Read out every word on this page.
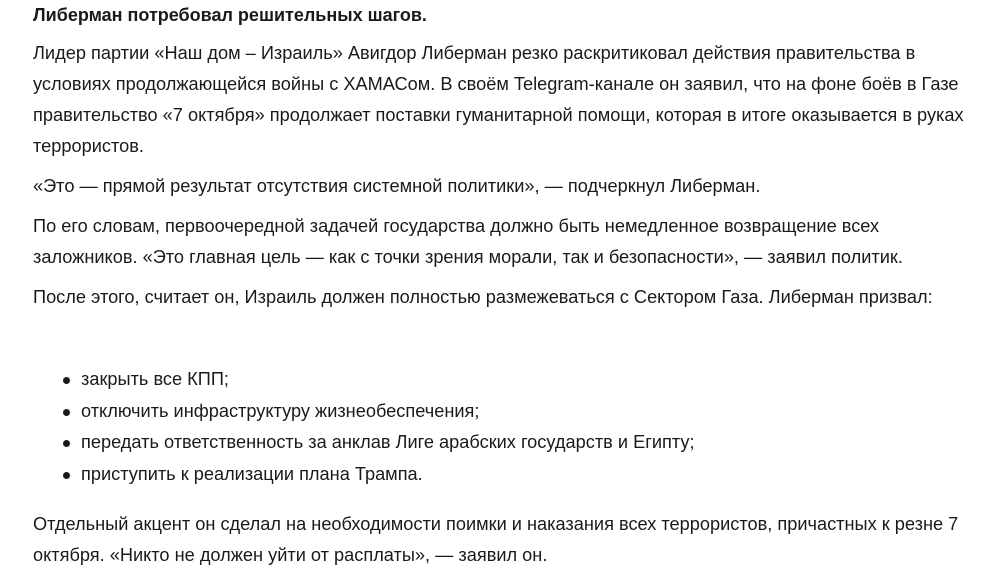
Либерман потребовал решительных шагов.

Лидер партии «Наш дом – Израиль» Авигдор Либерман резко раскритиковал действия правительства в условиях продолжающейся войны с ХАМАСом. В своём Telegram-канале он заявил, что на фоне боёв в Газе правительство «7 октября» продолжает поставки гуманитарной помощи, которая в итоге оказывается в руках террористов.

«Это — прямой результат отсутствия системной политики», — подчеркнул Либерман.

По его словам, первоочередной задачей государства должно быть немедленное возвращение всех заложников. «Это главная цель — как с точки зрения морали, так и безопасности», — заявил политик.

После этого, считает он, Израиль должен полностью размежеваться с Сектором Газа. Либерман призвал:

закрыть все КПП;
отключить инфраструктуру жизнеобеспечения;
передать ответственность за анклав Лиге арабских государств и Египту;
приступить к реализации плана Трампа.

Отдельный акцент он сделал на необходимости поимки и наказания всех террористов, причастных к резне 7 октября. «Никто не должен уйти от расплаты», — заявил он.
